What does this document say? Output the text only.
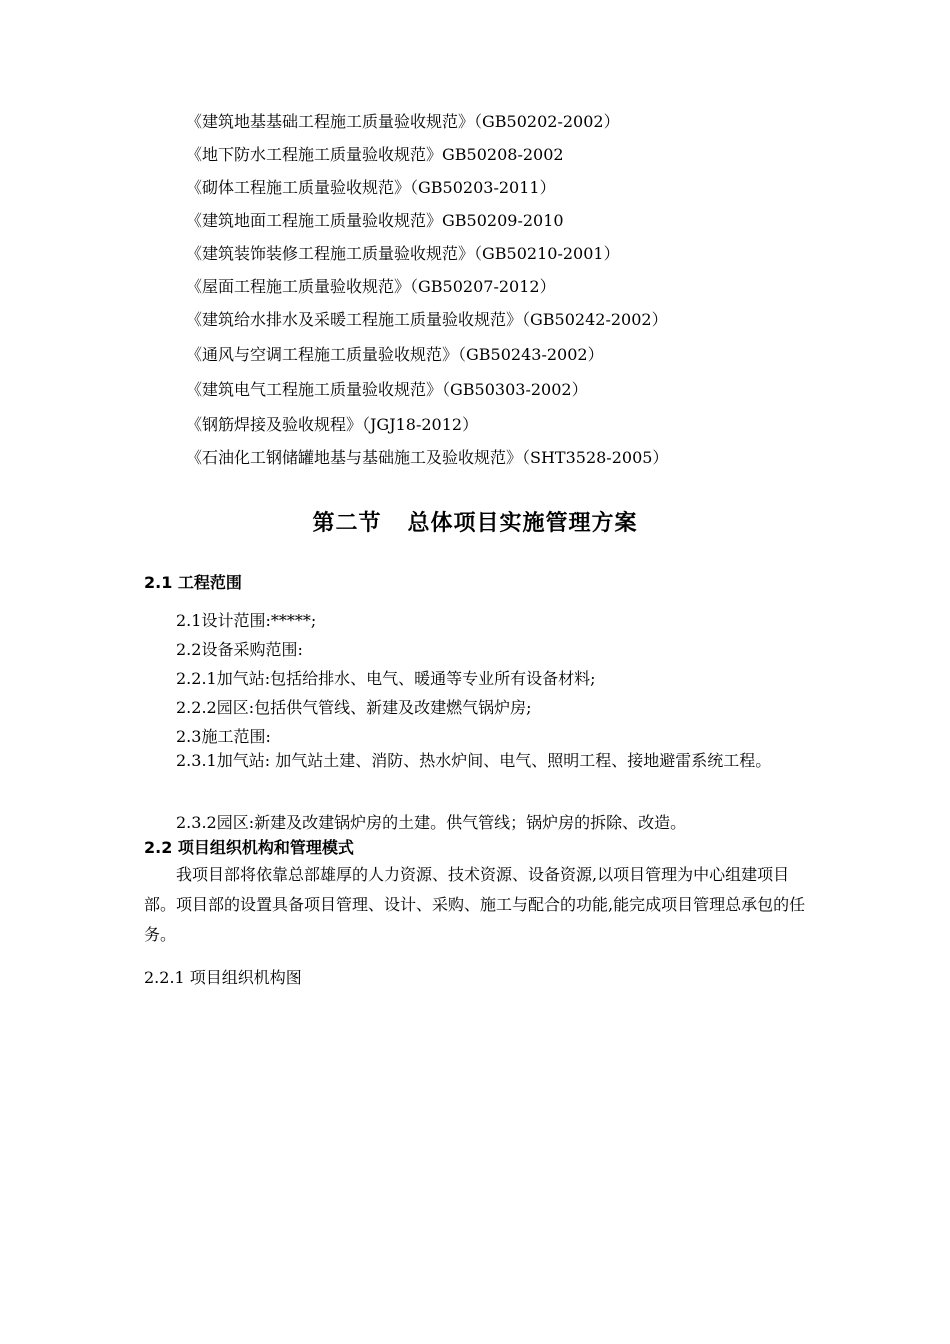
《建筑地基基础工程施工质量验收规范》（GB50202-2002）
《地下防水工程施工质量验收规范》GB50208-2002
《砌体工程施工质量验收规范》（GB50203-2011）
《建筑地面工程施工质量验收规范》GB50209-2010
《建筑装饰装修工程施工质量验收规范》（GB50210-2001）
《屋面工程施工质量验收规范》（GB50207-2012）
《建筑给水排水及采暖工程施工质量验收规范》（GB50242-2002）
《通风与空调工程施工质量验收规范》（GB50243-2002）
《建筑电气工程施工质量验收规范》（GB50303-2002）
《钢筋焊接及验收规程》（JGJ18-2012）
《石油化工钢储罐地基与基础施工及验收规范》（SHT3528-2005）
第二节 总体项目实施管理方案
2.1 工程范围
2.1设计范围:*****;
2.2设备采购范围:
2.2.1加气站:包括给排水、电气、暖通等专业所有设备材料;
2.2.2园区:包括供气管线、新建及改建燃气锅炉房;
2.3施工范围:
2.3.1加气站: 加气站土建、消防、热水炉间、电气、照明工程、接地避雷系统工程。
2.3.2园区:新建及改建锅炉房的土建。供气管线；锅炉房的拆除、改造。
2.2 项目组织机构和管理模式
我项目部将依靠总部雄厚的人力资源、技术资源、设备资源,以项目管理为中心组建项目部。项目部的设置具备项目管理、设计、采购、施工与配合的功能,能完成项目管理总承包的任务。
2.2.1 项目组织机构图
